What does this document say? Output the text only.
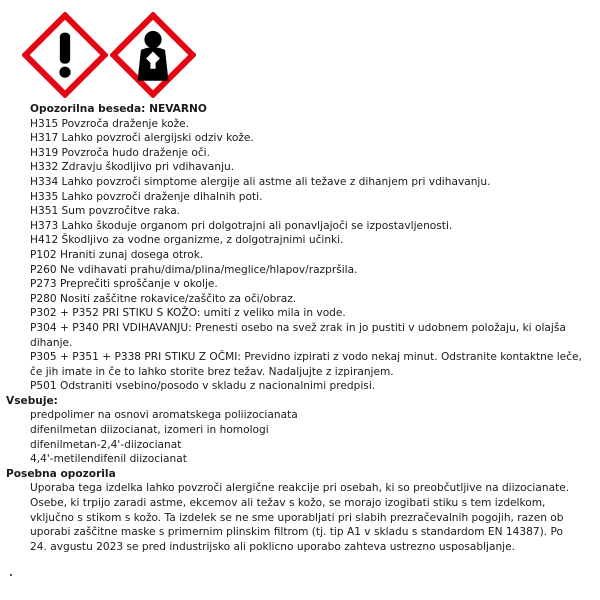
Opozorilna beseda: NEVARNO
H315 Povzroča draženje kože.
H317 Lahko povzroči alergijski odziv kože.
H319 Povzroča hudo draženje oči.
H332 Zdravju škodljivo pri vdihavanju.
H334 Lahko povzroči simptome alergije ali astme ali težave z dihanjem pri vdihavanju.
H335 Lahko povzroči draženje dihalnih poti.
H351 Sum povzročitve raka.
H373 Lahko škoduje organom pri dolgotrajni ali ponavljajoči se izpostavljenosti.
H412 Škodljivo za vodne organizme, z dolgotrajnimi učinki.
P102 Hraniti zunaj dosega otrok.
P260 Ne vdihavati prahu/dima/plina/meglice/hlapov/razpršila.
P273 Preprečiti sproščanje v okolje.
P280 Nositi zaščitne rokavice/zaščito za oči/obraz.
P302 + P352 PRI STIKU S KOŽO: umiti z veliko mila in vode.
P304 + P340 PRI VDIHAVANJU: Prenesti osebo na svež zrak in jo pustiti v udobnem položaju, ki olajša dihanje.
P305 + P351 + P338 PRI STIKU Z OČMI: Previdno izpirati z vodo nekaj minut. Odstranite kontaktne leče, če jih imate in če to lahko storite brez težav. Nadaljujte z izpiranjem.
P501 Odstraniti vsebino/posodo v skladu z nacionalnimi predpisi.
Vsebuje:
predpolimer na osnovi aromatskega poliizocianata
difenilmetan diizocianat, izomeri in homologi
difenilmetan-2,4'-diizocianat
4,4'-metilendifenil diizocianat
Posebna opozorila
Uporaba tega izdelka lahko povzroči alergične reakcije pri osebah, ki so preobčutljive na diizocianate. Osebe, ki trpijo zaradi astme, ekcemov ali težav s kožo, se morajo izogibati stiku s tem izdelkom, vključno s stikom s kožo. Ta izdelek se ne sme uporabljati pri slabih prezračevalnih pogojih, razen ob uporabi zaščitne maske s primernim plinskim filtrom (tj. tip A1 v skladu s standardom EN 14387). Po 24. avgustu 2023 se pred industrijsko ali poklicno uporabo zahteva ustrezno usposabljanje.
